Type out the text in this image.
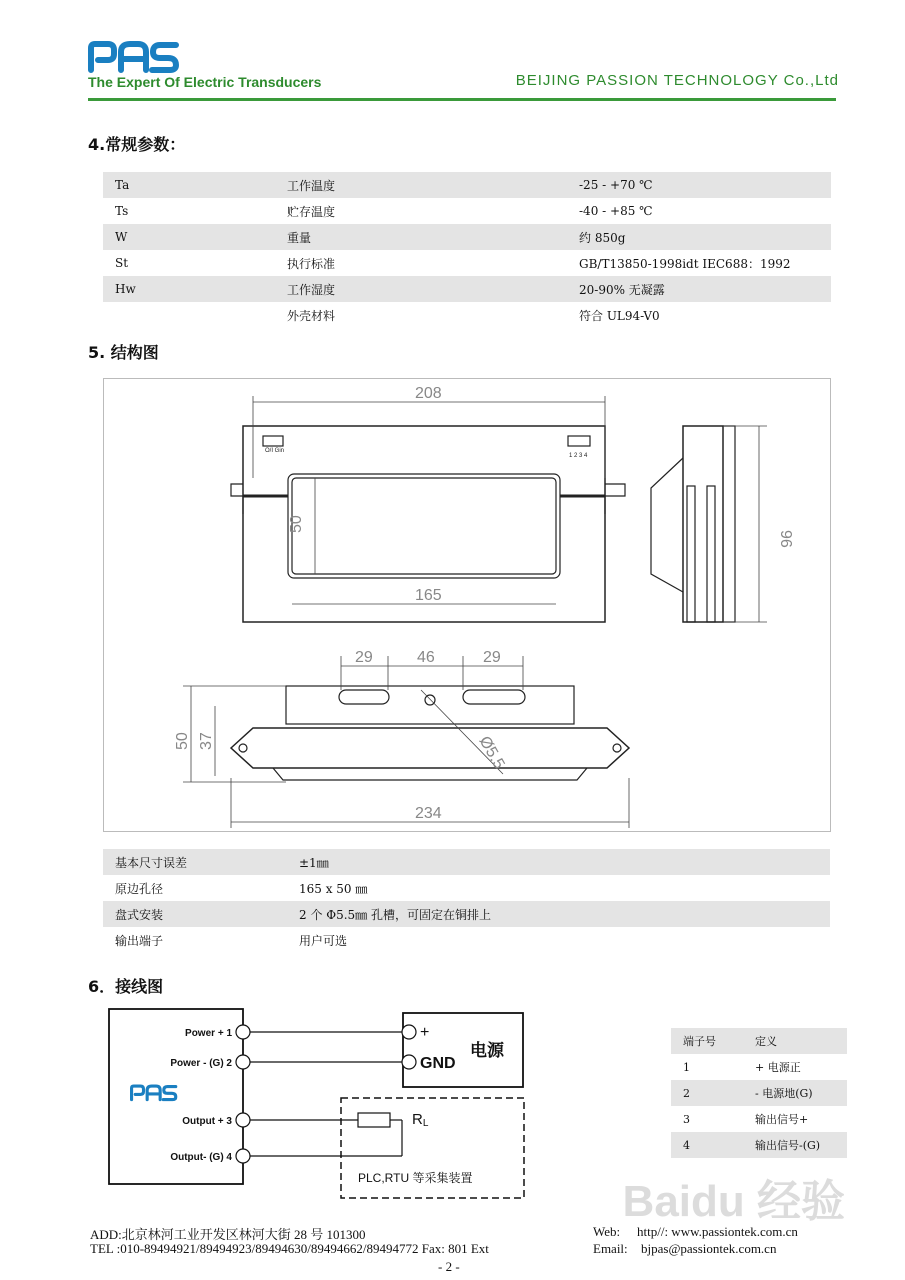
The Expert Of Electric Transducers	BEIJING PASSION TECHNOLOGY Co.,Ltd
4.常规参数：
Ta	工作温度	-25 - +70 ℃
Ts	贮存温度	-40 - +85 ℃
W	重量	约 850g
St	执行标准	GB/T13850-1998idt IEC688：1992
Hw	工作湿度	20-90% 无凝露
	外壳材料	符合 UL94-V0
5. 结构图
208
50
165
96
29	46	29
50 37	Ø5.5
234
O/I Gin
1 2 3 4
基本尺寸误差	±1㎜
原边孔径	165 x 50 ㎜
盘式安装	2 个 Φ5.5㎜ 孔槽，可固定在铜排上
输出端子	用户可选
6．接线图
Power + 1
Power - (G) 2
Output + 3
Output- (G) 4
+
GND
电源
RL
PLC,RTU 等采集装置
端子号	定义
1	+ 电源正
2	- 电源地(G)
3	输出信号+
4	输出信号-(G)
Baidu 经验
ADD:北京林河工业开发区林河大街 28 号 101300
TEL :010-89494921/89494923/89494630/89494662/89494772 Fax: 801 Ext
Web: http//: www.passiontek.com.cn
Email: bjpas@passiontek.com.cn
- 2 -
